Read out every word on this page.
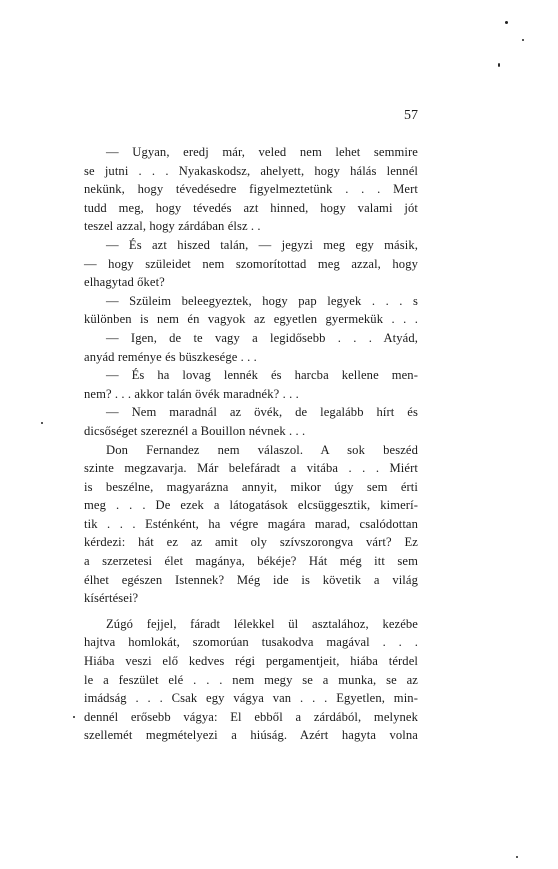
57
— Ugyan, eredj már, veled nem lehet semmire
se jutni . . . Nyakaskodsz, ahelyett, hogy hálás lennél
nekünk, hogy tévedésedre figyelmeztetünk . . . Mert
tudd meg, hogy tévedés azt hinned, hogy valami jót
teszel azzal, hogy zárdában élsz . .
— És azt hiszed talán, — jegyzi meg egy másik,
— hogy szüleidet nem szomorítottad meg azzal, hogy
elhagytad őket?
— Szüleim beleegyeztek, hogy pap legyek . . . s
különben is nem én vagyok az egyetlen gyermekük . . .
— Igen, de te vagy a legidősebb . . . Atyád,
anyád reménye és büszkesége . . .
— És ha lovag lennék és harcba kellene men-
nem? . . . akkor talán övék maradnék? . . .
— Nem maradnál az övék, de legalább hírt és
dicsőséget szereznél a Bouillon névnek . . .
Don Fernandez nem válaszol. A sok beszéd
szinte megzavarja. Már belefáradt a vitába . . . Miért
is beszélne, magyarázna annyit, mikor úgy sem érti
meg . . . De ezek a látogatások elcsüggesztik, kimerí-
tik . . . Esténként, ha végre magára marad, csalódottan
kérdezi: hát ez az amit oly szívszorongva várt? Ez
a szerzetesi élet magánya, békéje? Hát még itt sem
élhet egészen Istennek? Még ide is követik a világ
kísértései?
Zúgó fejjel, fáradt lélekkel ül asztalához, kezébe
hajtva homlokát, szomorúan tusakodva magával . . .
Hiába veszi elő kedves régi pergamentjeit, hiába térdel
le a feszület elé . . . nem megy se a munka, se az
imádság . . . Csak egy vágya van . . . Egyetlen, min-
dennél erősebb vágya: El ebből a zárdából, melynek
szellemét megmételyezi a hiúság. Azért hagyta volna
